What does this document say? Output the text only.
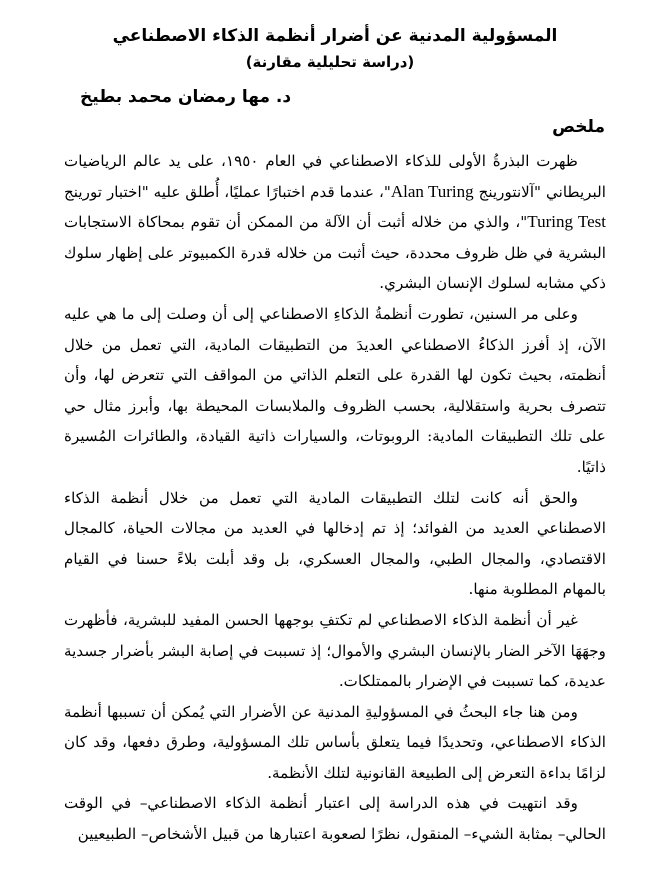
المسؤولية المدنية عن أضرار أنظمة الذكاء الاصطناعي
(دراسة تحليلية مقارنة)
د. مها رمضان محمد بطيخ
ملخص

ظهرت البذرةُ الأولى للذكاء الاصطناعي في العام ١٩٥٠، على يد عالم الرياضيات البريطاني "آلانتورينج Alan Turing"، عندما قدم اختبارًا عمليًا، أُطلق عليه "اختبار تورينج Turing Test"، والذي من خلاله أثبت أن الآلة من الممكن أن تقوم بمحاكاة الاستجابات البشرية في ظل ظروف محددة، حيث أثبت من خلاله قدرة الكمبيوتر على إظهار سلوك ذكي مشابه لسلوك الإنسان البشري.

وعلى مر السنين، تطورت أنظمةُ الذكاءِ الاصطناعي إلى أن وصلت إلى ما هي عليه الآن، إذ أفرز الذكاءُ الاصطناعي العديدَ من التطبيقات المادية، التي تعمل من خلال أنظمته، بحيث تكون لها القدرة على التعلم الذاتي من المواقف التي تتعرض لها، وأن تتصرف بحرية واستقلالية، بحسب الظروف والملابسات المحيطة بها، وأبرز مثال حي على تلك التطبيقات المادية: الروبوتات، والسيارات ذاتية القيادة، والطائرات المُسيرة ذاتيًا.

والحق أنه كانت لتلك التطبيقات المادية التي تعمل من خلال أنظمة الذكاء الاصطناعي العديد من الفوائد؛ إذ تم إدخالها في العديد من مجالات الحياة، كالمجال الاقتصادي، والمجال الطبي، والمجال العسكري، بل وقد أبلت بلاءً حسنا في القيام بالمهام المطلوبة منها.

غير أن أنظمة الذكاء الاصطناعي لم تكتفِ بوجهها الحسن المفيد للبشرية، فأظهرت وجهَهَا الآخر الضار بالإنسان البشري والأموال؛ إذ تسببت في إصابة البشر بأضرار جسدية عديدة، كما تسببت في الإضرار بالممتلكات.

ومن هنا جاء البحثُ في المسؤوليةِ المدنية عن الأضرار التي يُمكن أن تسببها أنظمة الذكاء الاصطناعي، وتحديدًا فيما يتعلق بأساس تلك المسؤولية، وطرق دفعها، وقد كان لزامًا بداءة التعرض إلى الطبيعة القانونية لتلك الأنظمة.

وقد انتهيت في هذه الدراسة إلى اعتبار أنظمة الذكاء الاصطناعي– في الوقت الحالي– بمثابة الشيء– المنقول، نظرًا لصعوبة اعتبارها من قبيل الأشخاص– الطبيعيين
